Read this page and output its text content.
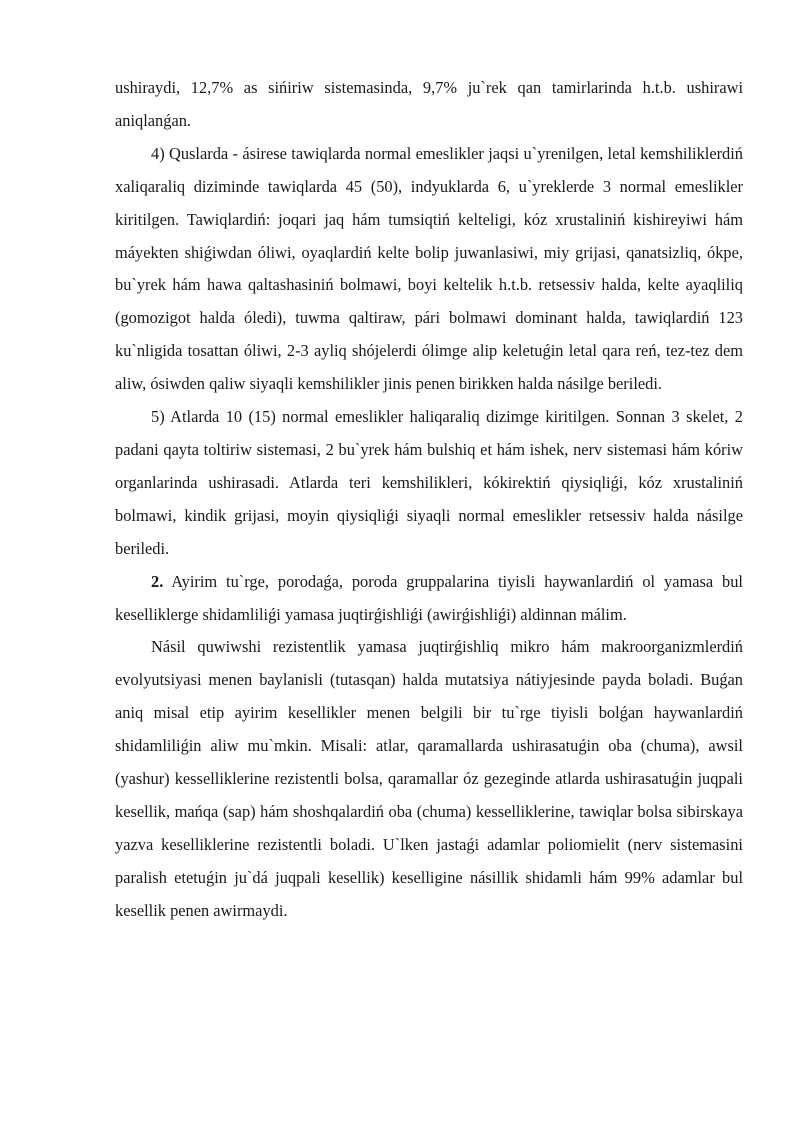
ushiraydi, 12,7% as sińiriw sistemasinda, 9,7% ju`rek qan tamirlarinda h.t.b. ushirawi aniqlanǵan.

4) Quslarda - ásirese tawiqlarda normal emeslikler jaqsi u`yrenilgen, letal kemshiliklerdiń xaliqaraliq diziminde tawiqlarda 45 (50), indyuklarda 6, u`yreklerde 3 normal emeslikler kiritilgen. Tawiqlardiń: joqari jaq hám tumsiqtiń kelteligi, kóz xrustaliniń kishireyiwi hám máyekten shiǵiwdan óliwi, oyaqlardiń kelte bolip juwanlasiwi, miy grijasi, qanatsizliq, ókpe, bu`yrek hám hawa qaltashasiniń bolmawi, boyi keltelik h.t.b. retsessiv halda, kelte ayaqliliq (gomozigot halda óledi), tuwma qaltiraw, pári bolmawi dominant halda, tawiqlardiń 123 ku`nligida tosattan óliwi, 2-3 ayliq shójelerdi ólimge alip keletuǵin letal qara reń, tez-tez dem aliw, ósiwden qaliw siyaqli kemshilikler jinis penen birikken halda násilge beriledi.

5) Atlarda 10 (15) normal emeslikler haliqaraliq dizimge kiritilgen. Sonnan 3 skelet, 2 padani qayta toltiriw sistemasi, 2 bu`yrek hám bulshiq et hám ishek, nerv sistemasi hám kóriw organlarinda ushirasadi. Atlarda teri kemshilikleri, kókirektiń qiysiqliǵi, kóz xrustaliniń bolmawi, kindik grijasi, moyin qiysiqliǵi siyaqli normal emeslikler retsessiv halda násilge beriledi.

2. Ayirim tu`rge, porodaǵa, poroda gruppalarina tiyisli haywanlardiń ol yamasa bul keselliklerge shidamliliǵi yamasa juqtirǵishliǵi (awirǵishliǵi) aldinnan málim.

Násil quwiwshi rezistentlik yamasa juqtirǵishliq mikro hám makroorganizmlerdiń evolyutsiyasi menen baylanisli (tutasqan) halda mutatsiya nátiyjesinde payda boladi. Buǵan aniq misal etip ayirim kesellikler menen belgili bir tu`rge tiyisli bolǵan haywanlardiń shidamliliǵin aliw mu`mkin. Misali: atlar, qaramallarda ushirasatuǵin oba (chuma), awsil (yashur) kesselliklerine rezistentli bolsa, qaramallar óz gezeginde atlarda ushirasatuǵin juqpali kesellik, mańqa (sap) hám shoshqalardiń oba (chuma) kesselliklerine, tawiqlar bolsa sibirskaya yazva keselliklerine rezistentli boladi. U`lken jastaǵi adamlar poliomielit (nerv sistemasini paralish etetuǵin ju`dá juqpali kesellik) keselligine násillik shidamli hám 99% adamlar bul kesellik penen awirmaydi.
